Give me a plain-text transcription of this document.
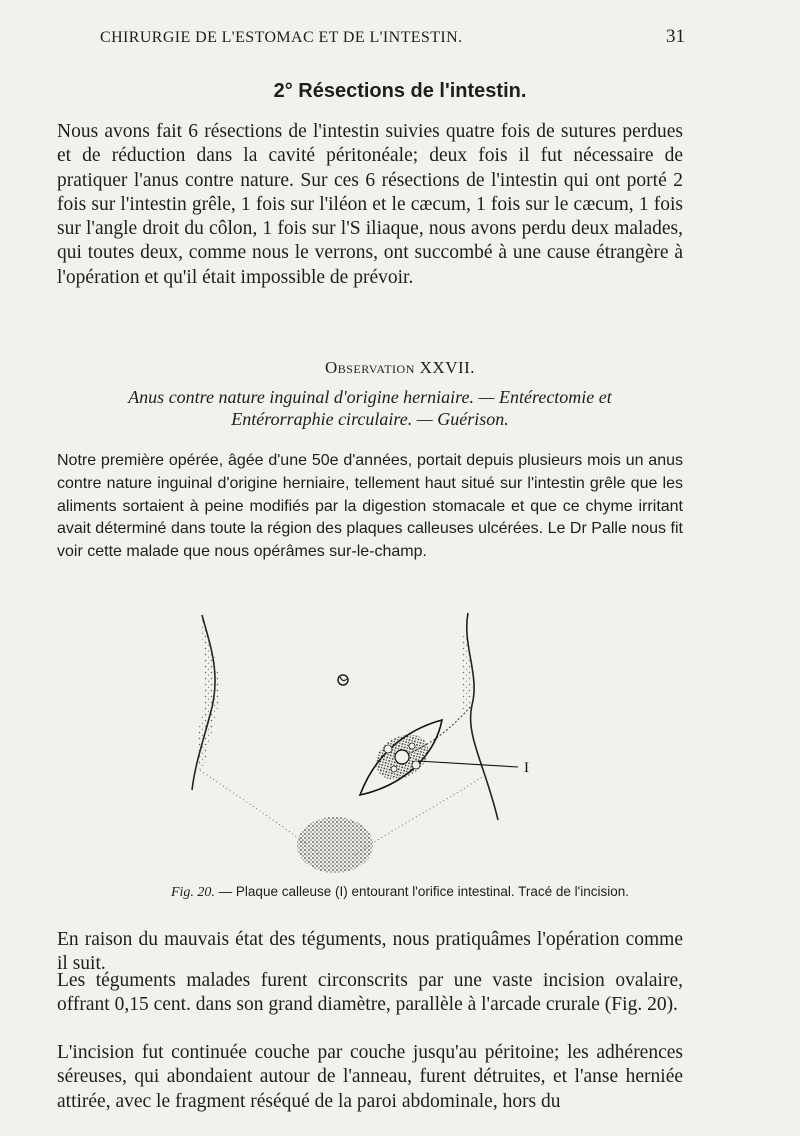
CHIRURGIE DE L'ESTOMAC ET DE L'INTESTIN.	31
2° Résections de l'intestin.

Nous avons fait 6 résections de l'intestin suivies quatre fois de sutures perdues et de réduction dans la cavité péritonéale; deux fois il fut nécessaire de pratiquer l'anus contre nature. Sur ces 6 résections de l'intestin qui ont porté 2 fois sur l'intestin grêle, 1 fois sur l'iléon et le cæcum, 1 fois sur le cæcum, 1 fois sur l'angle droit du côlon, 1 fois sur l'S iliaque, nous avons perdu deux malades, qui toutes deux, comme nous le verrons, ont succombé à une cause étrangère à l'opération et qu'il était impossible de prévoir.

Observation XXVII.
Anus contre nature inguinal d'origine herniaire. — Entérectomie et
Entérorraphie circulaire. — Guérison.

Notre première opérée, âgée d'une 50e d'années, portait depuis plusieurs mois un anus contre nature inguinal d'origine herniaire, tellement haut situé sur l'intestin grêle que les aliments sortaient à peine modifiés par la digestion stomacale et que ce chyme irritant avait déterminé dans toute la région des plaques calleuses ulcérées. Le Dr Palle nous fit voir cette malade que nous opérâmes sur-le-champ.

I
Fig. 20. — Plaque calleuse (I) entourant l'orifice intestinal. Tracé de l'incision.

En raison du mauvais état des téguments, nous pratiquâmes l'opération comme il suit.

Les téguments malades furent circonscrits par une vaste incision ovalaire, offrant 0,15 cent. dans son grand diamètre, parallèle à l'arcade crurale (Fig. 20).

L'incision fut continuée couche par couche jusqu'au péritoine; les adhérences séreuses, qui abondaient autour de l'anneau, furent détruites, et l'anse herniée attirée, avec le fragment réséqué de la paroi abdominale, hors du
